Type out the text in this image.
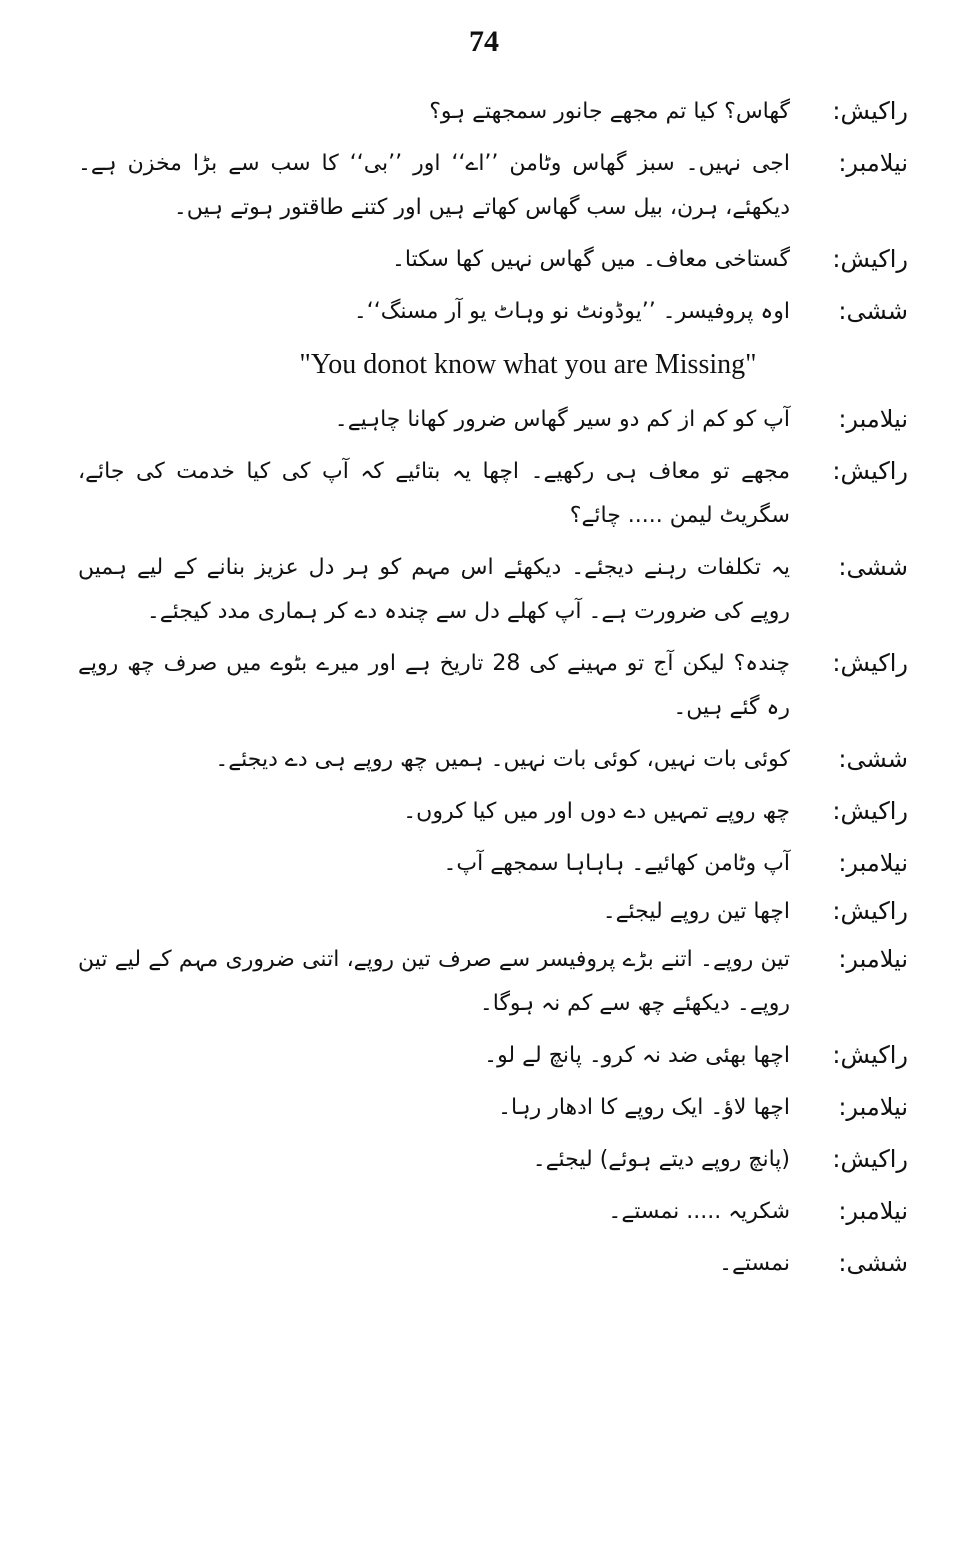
74
راکیش:
گھاس؟ کیا تم مجھے جانور سمجھتے ہو؟
نیلامبر:
اجی نہیں۔ سبز گھاس وٹامن ’’اے‘‘ اور ’’بی‘‘ کا سب سے بڑا مخزن ہے۔ دیکھئے، ہرن، بیل سب گھاس کھاتے ہیں اور کتنے طاقتور ہوتے ہیں۔
راکیش:
گستاخی معاف۔ میں گھاس نہیں کھا سکتا۔
ششی:
اوہ پروفیسر۔ ’’یوڈونٹ نو وہاٹ یو آر مسنگ‘‘۔
"You donot know what you are Missing"
نیلامبر:
آپ کو کم از کم دو سیر گھاس ضرور کھانا چاہیے۔
راکیش:
مجھے تو معاف ہی رکھیے۔ اچھا یہ بتائیے کہ آپ کی کیا خدمت کی جائے، سگریٹ لیمن ..... چائے؟
ششی:
یہ تکلفات رہنے دیجئے۔ دیکھئے اس مہم کو ہر دل عزیز بنانے کے لیے ہمیں روپے کی ضرورت ہے۔ آپ کھلے دل سے چندہ دے کر ہماری مدد کیجئے۔
راکیش:
چندہ؟ لیکن آج تو مہینے کی 28 تاریخ ہے اور میرے بٹوے میں صرف چھ روپے رہ گئے ہیں۔
ششی:
کوئی بات نہیں، کوئی بات نہیں۔ ہمیں چھ روپے ہی دے دیجئے۔
راکیش:
چھ روپے تمہیں دے دوں اور میں کیا کروں۔
نیلامبر:
آپ وٹامن کھائیے۔ ہاہاہا سمجھے آپ۔
راکیش:
اچھا تین روپے لیجئے۔
نیلامبر:
تین روپے۔ اتنے بڑے پروفیسر سے صرف تین روپے، اتنی ضروری مہم کے لیے تین روپے۔ دیکھئے چھ سے کم نہ ہوگا۔
راکیش:
اچھا بھئی ضد نہ کرو۔ پانچ لے لو۔
نیلامبر:
اچھا لاؤ۔ ایک روپے کا ادھار رہا۔
راکیش:
(پانچ روپے دیتے ہوئے) لیجئے۔
نیلامبر:
شکریہ ..... نمستے۔
ششی:
نمستے۔
